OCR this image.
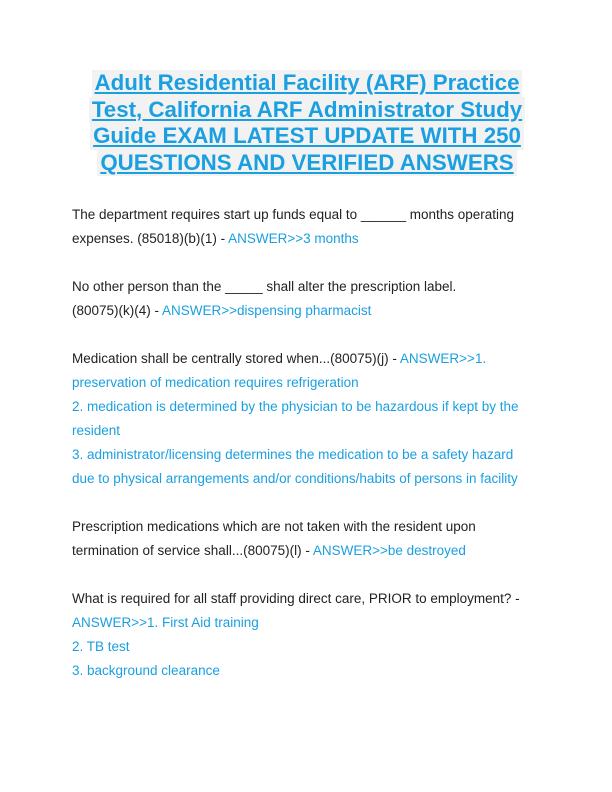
Adult Residential Facility (ARF) Practice
Test, California ARF Administrator Study
Guide EXAM LATEST UPDATE WITH 250
QUESTIONS AND VERIFIED ANSWERS
The department requires start up funds equal to ______ months operating
expenses. (85018)(b)(1) - ANSWER>>3 months
No other person than the _____ shall alter the prescription label.
(80075)(k)(4) - ANSWER>>dispensing pharmacist
Medication shall be centrally stored when...(80075)(j) - ANSWER>>1.
preservation of medication requires refrigeration
2. medication is determined by the physician to be hazardous if kept by the
resident
3. administrator/licensing determines the medication to be a safety hazard
due to physical arrangements and/or conditions/habits of persons in facility
Prescription medications which are not taken with the resident upon
termination of service shall...(80075)(l) - ANSWER>>be destroyed
What is required for all staff providing direct care, PRIOR to employment? -
ANSWER>>1. First Aid training
2. TB test
3. background clearance
